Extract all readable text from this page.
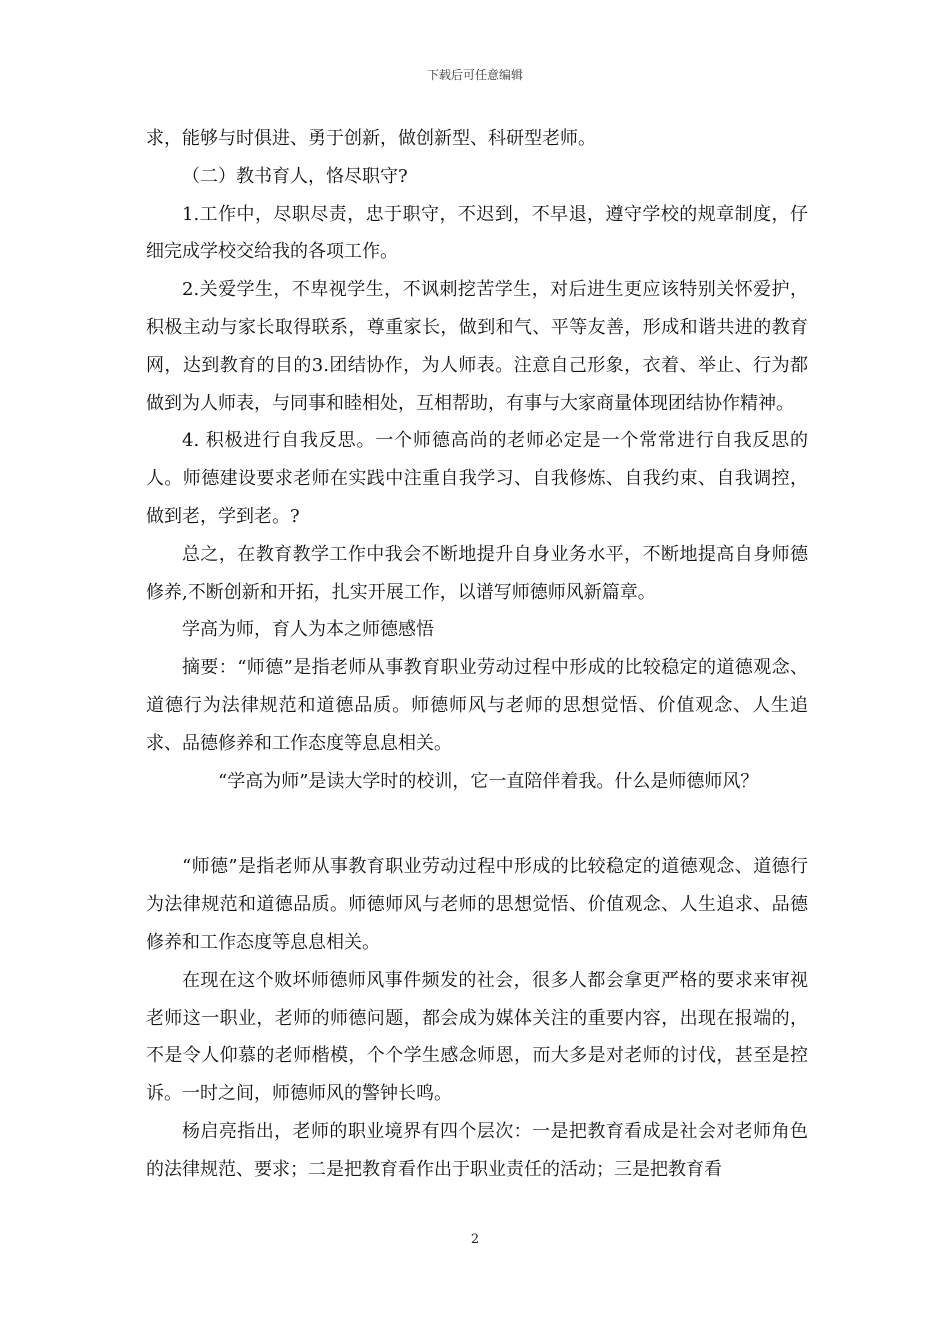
下载后可任意编辑

求，能够与时俱进、勇于创新，做创新型、科研型老师。

（二）教书育人，恪尽职守?

1.工作中，尽职尽责，忠于职守，不迟到，不早退，遵守学校的规章制度，仔细完成学校交给我的各项工作。

2.关爱学生，不卑视学生，不讽刺挖苦学生，对后进生更应该特别关怀爱护，积极主动与家长取得联系，尊重家长，做到和气、平等友善，形成和谐共进的教育网，达到教育的目的3.团结协作，为人师表。注意自己形象，衣着、举止、行为都做到为人师表，与同事和睦相处，互相帮助，有事与大家商量体现团结协作精神。

4. 积极进行自我反思。一个师德高尚的老师必定是一个常常进行自我反思的人。师德建设要求老师在实践中注重自我学习、自我修炼、自我约束、自我调控，做到老，学到老。?

总之，在教育教学工作中我会不断地提升自身业务水平，不断地提高自身师德修养,不断创新和开拓，扎实开展工作，以谱写师德师风新篇章。

学高为师，育人为本之师德感悟

摘要：“师德”是指老师从事教育职业劳动过程中形成的比较稳定的道德观念、道德行为法律规范和道德品质。师德师风与老师的思想觉悟、价值观念、人生追求、品德修养和工作态度等息息相关。

“学高为师”是读大学时的校训，它一直陪伴着我。什么是师德师风？

“师德”是指老师从事教育职业劳动过程中形成的比较稳定的道德观念、道德行为法律规范和道德品质。师德师风与老师的思想觉悟、价值观念、人生追求、品德修养和工作态度等息息相关。

在现在这个败坏师德师风事件频发的社会，很多人都会拿更严格的要求来审视老师这一职业，老师的师德问题，都会成为媒体关注的重要内容，出现在报端的，不是令人仰慕的老师楷模，个个学生感念师恩，而大多是对老师的讨伐，甚至是控诉。一时之间，师德师风的警钟长鸣。

杨启亮指出，老师的职业境界有四个层次：一是把教育看成是社会对老师角色的法律规范、要求；二是把教育看作出于职业责任的活动；三是把教育看

2
